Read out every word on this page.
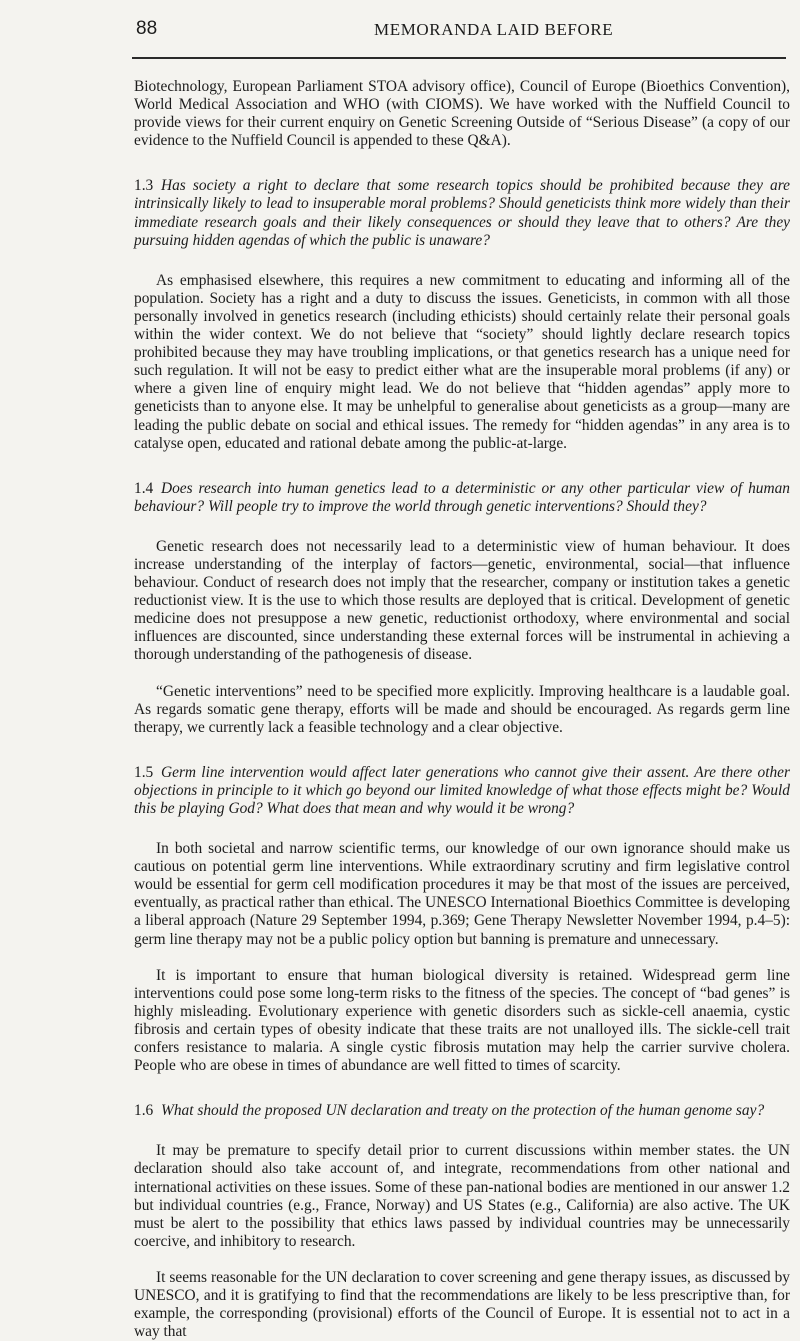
88	MEMORANDA LAID BEFORE

Biotechnology, European Parliament STOA advisory office), Council of Europe (Bioethics Convention), World Medical Association and WHO (with CIOMS). We have worked with the Nuffield Council to provide views for their current enquiry on Genetic Screening Outside of “Serious Disease” (a copy of our evidence to the Nuffield Council is appended to these Q&A).

1.3 Has society a right to declare that some research topics should be prohibited because they are intrinsically likely to lead to insuperable moral problems? Should geneticists think more widely than their immediate research goals and their likely consequences or should they leave that to others? Are they pursuing hidden agendas of which the public is unaware?

As emphasised elsewhere, this requires a new commitment to educating and informing all of the population. Society has a right and a duty to discuss the issues. Geneticists, in common with all those personally involved in genetics research (including ethicists) should certainly relate their personal goals within the wider context. We do not believe that “society” should lightly declare research topics prohibited because they may have troubling implications, or that genetics research has a unique need for such regulation. It will not be easy to predict either what are the insuperable moral problems (if any) or where a given line of enquiry might lead. We do not believe that “hidden agendas” apply more to geneticists than to anyone else. It may be unhelpful to generalise about geneticists as a group—many are leading the public debate on social and ethical issues. The remedy for “hidden agendas” in any area is to catalyse open, educated and rational debate among the public-at-large.

1.4 Does research into human genetics lead to a deterministic or any other particular view of human behaviour? Will people try to improve the world through genetic interventions? Should they?

Genetic research does not necessarily lead to a deterministic view of human behaviour. It does increase understanding of the interplay of factors—genetic, environmental, social—that influence behaviour. Conduct of research does not imply that the researcher, company or institution takes a genetic reductionist view. It is the use to which those results are deployed that is critical. Development of genetic medicine does not presuppose a new genetic, reductionist orthodoxy, where environmental and social influences are discounted, since understanding these external forces will be instrumental in achieving a thorough understanding of the pathogenesis of disease.

“Genetic interventions” need to be specified more explicitly. Improving healthcare is a laudable goal. As regards somatic gene therapy, efforts will be made and should be encouraged. As regards germ line therapy, we currently lack a feasible technology and a clear objective.

1.5 Germ line intervention would affect later generations who cannot give their assent. Are there other objections in principle to it which go beyond our limited knowledge of what those effects might be? Would this be playing God? What does that mean and why would it be wrong?

In both societal and narrow scientific terms, our knowledge of our own ignorance should make us cautious on potential germ line interventions. While extraordinary scrutiny and firm legislative control would be essential for germ cell modification procedures it may be that most of the issues are perceived, eventually, as practical rather than ethical. The UNESCO International Bioethics Committee is developing a liberal approach (Nature 29 September 1994, p.369; Gene Therapy Newsletter November 1994, p.4–5): germ line therapy may not be a public policy option but banning is premature and unnecessary.

It is important to ensure that human biological diversity is retained. Widespread germ line interventions could pose some long-term risks to the fitness of the species. The concept of “bad genes” is highly misleading. Evolutionary experience with genetic disorders such as sickle-cell anaemia, cystic fibrosis and certain types of obesity indicate that these traits are not unalloyed ills. The sickle-cell trait confers resistance to malaria. A single cystic fibrosis mutation may help the carrier survive cholera. People who are obese in times of abundance are well fitted to times of scarcity.

1.6 What should the proposed UN declaration and treaty on the protection of the human genome say?

It may be premature to specify detail prior to current discussions within member states. the UN declaration should also take account of, and integrate, recommendations from other national and international activities on these issues. Some of these pan-national bodies are mentioned in our answer 1.2 but individual countries (e.g., France, Norway) and US States (e.g., California) are also active. The UK must be alert to the possibility that ethics laws passed by individual countries may be unnecessarily coercive, and inhibitory to research.

It seems reasonable for the UN declaration to cover screening and gene therapy issues, as discussed by UNESCO, and it is gratifying to find that the recommendations are likely to be less prescriptive than, for example, the corresponding (provisional) efforts of the Council of Europe. It is essential not to act in a way that
